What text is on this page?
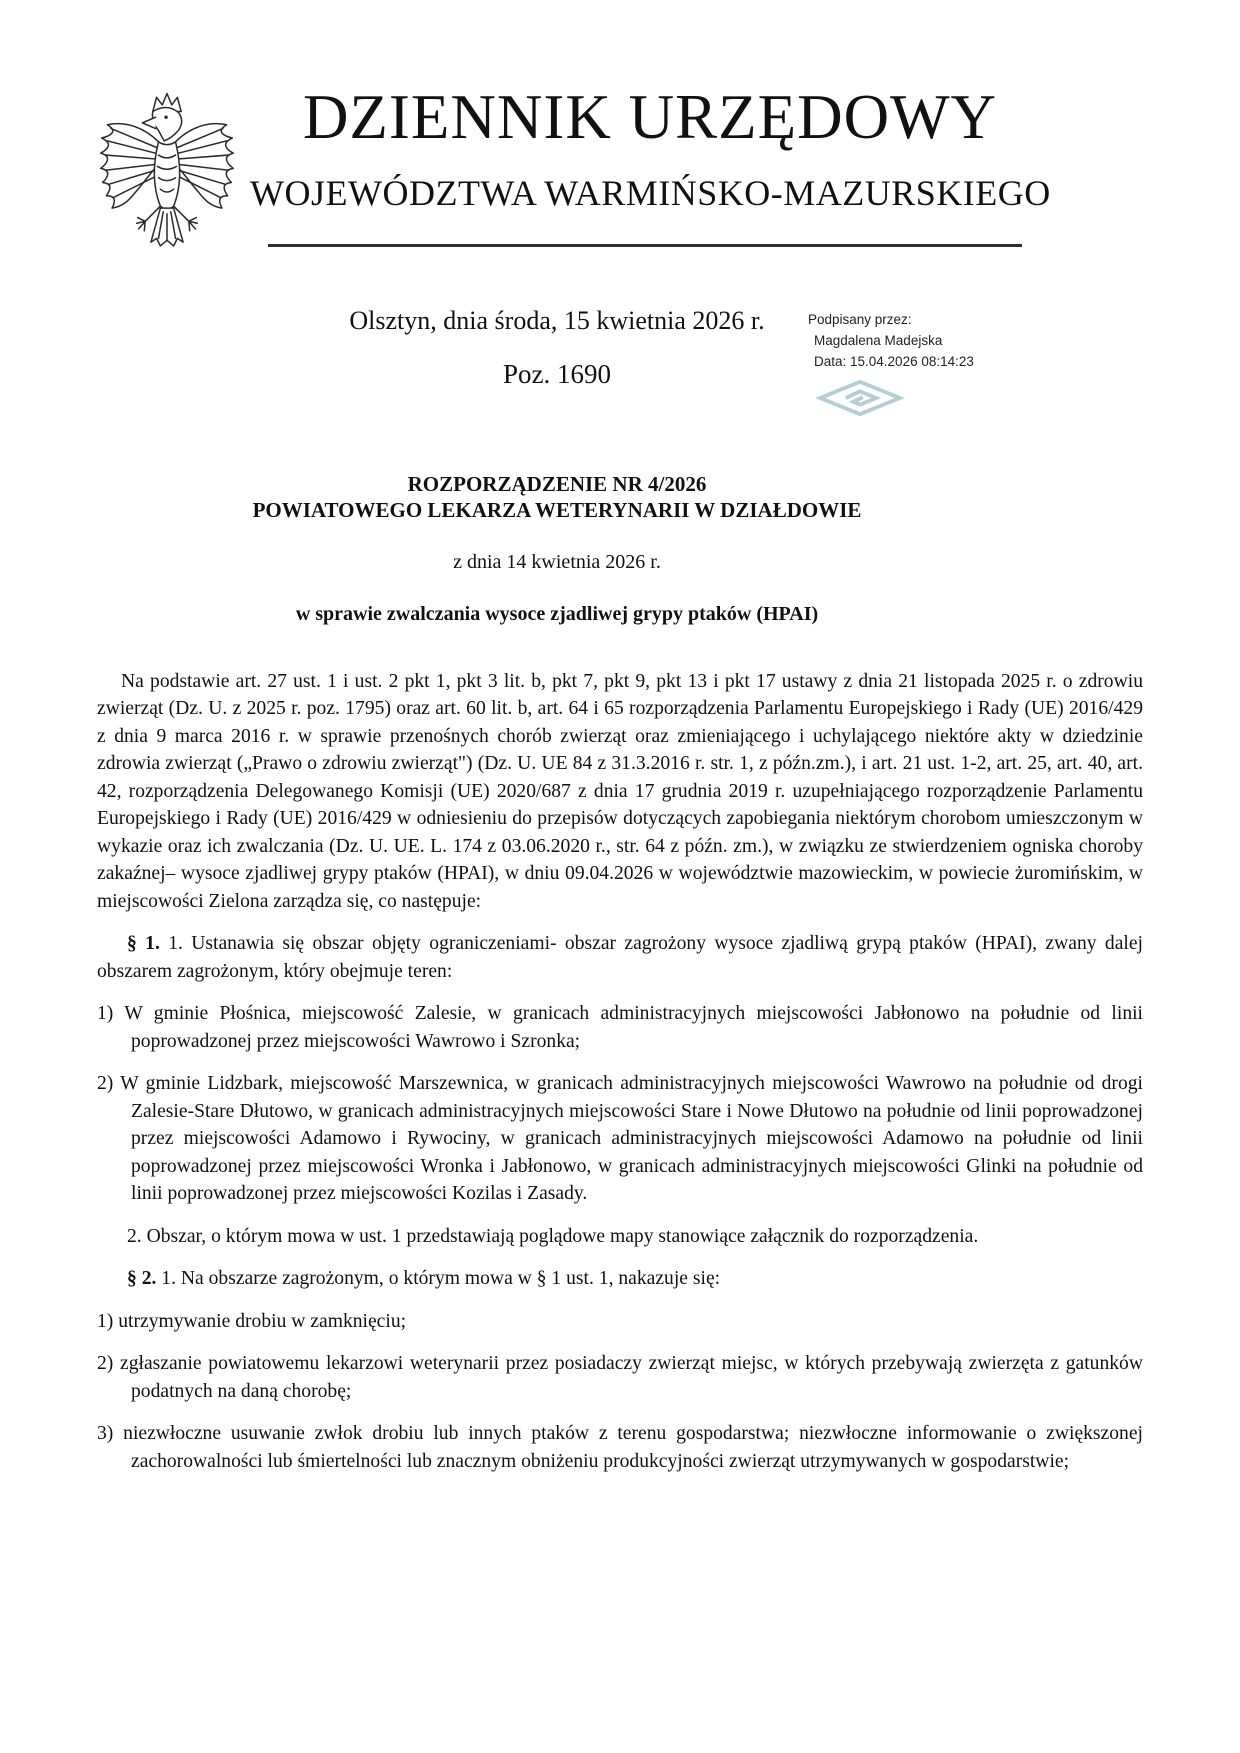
DZIENNIK URZĘDOWY
WOJEWÓDZTWA WARMIŃSKO-MAZURSKIEGO
Olsztyn, dnia środa, 15 kwietnia 2026 r.
Poz. 1690
Podpisany przez:
Magdalena Madejska
Data: 15.04.2026 08:14:23
ROZPORZĄDZENIE NR 4/2026
POWIATOWEGO LEKARZA WETERYNARII W DZIAŁDOWIE
z dnia 14 kwietnia 2026 r.
w sprawie zwalczania wysoce zjadliwej grypy ptaków (HPAI)

Na podstawie art. 27 ust. 1 i ust. 2 pkt 1, pkt 3 lit. b, pkt 7, pkt 9, pkt 13 i pkt 17 ustawy z dnia 21 listopada 2025 r. o zdrowiu zwierząt (Dz. U. z 2025 r. poz. 1795) oraz art. 60 lit. b, art. 64 i 65 rozporządzenia Parlamentu Europejskiego i Rady (UE) 2016/429 z dnia 9 marca 2016 r. w sprawie przenośnych chorób zwierząt oraz zmieniającego i uchylającego niektóre akty w dziedzinie zdrowia zwierząt („Prawo o zdrowiu zwierząt") (Dz. U. UE 84 z 31.3.2016 r. str. 1, z późn.zm.), i art. 21 ust. 1-2, art. 25, art. 40, art. 42, rozporządzenia Delegowanego Komisji (UE) 2020/687 z dnia 17 grudnia 2019 r. uzupełniającego rozporządzenie Parlamentu Europejskiego i Rady (UE) 2016/429 w odniesieniu do przepisów dotyczących zapobiegania niektórym chorobom umieszczonym w wykazie oraz ich zwalczania (Dz. U. UE. L. 174 z 03.06.2020 r., str. 64 z późn. zm.), w związku ze stwierdzeniem ogniska choroby zakaźnej– wysoce zjadliwej grypy ptaków (HPAI), w dniu 09.04.2026 w województwie mazowieckim, w powiecie żuromińskim, w miejscowości Zielona zarządza się, co następuje:

§ 1. 1. Ustanawia się obszar objęty ograniczeniami- obszar zagrożony wysoce zjadliwą grypą ptaków (HPAI), zwany dalej obszarem zagrożonym, który obejmuje teren:

1) W gminie Płośnica, miejscowość Zalesie, w granicach administracyjnych miejscowości Jabłonowo na południe od linii poprowadzonej przez miejscowości Wawrowo i Szronka;
2) W gminie Lidzbark, miejscowość Marszewnica, w granicach administracyjnych miejscowości Wawrowo na południe od drogi Zalesie-Stare Dłutowo, w granicach administracyjnych miejscowości Stare i Nowe Dłutowo na południe od linii poprowadzonej przez miejscowości Adamowo i Rywociny, w granicach administracyjnych miejscowości Adamowo na południe od linii poprowadzonej przez miejscowości Wronka i Jabłonowo, w granicach administracyjnych miejscowości Glinki na południe od linii poprowadzonej przez miejscowości Kozilas i Zasady.

2. Obszar, o którym mowa w ust. 1 przedstawiają poglądowe mapy stanowiące załącznik do rozporządzenia.

§ 2. 1. Na obszarze zagrożonym, o którym mowa w § 1 ust. 1, nakazuje się:

1) utrzymywanie drobiu w zamknięciu;
2) zgłaszanie powiatowemu lekarzowi weterynarii przez posiadaczy zwierząt miejsc, w których przebywają zwierzęta z gatunków podatnych na daną chorobę;
3) niezwłoczne usuwanie zwłok drobiu lub innych ptaków z terenu gospodarstwa; niezwłoczne informowanie o zwiększonej zachorowalności lub śmiertelności lub znacznym obniżeniu produkcyjności zwierząt utrzymywanych w gospodarstwie;
